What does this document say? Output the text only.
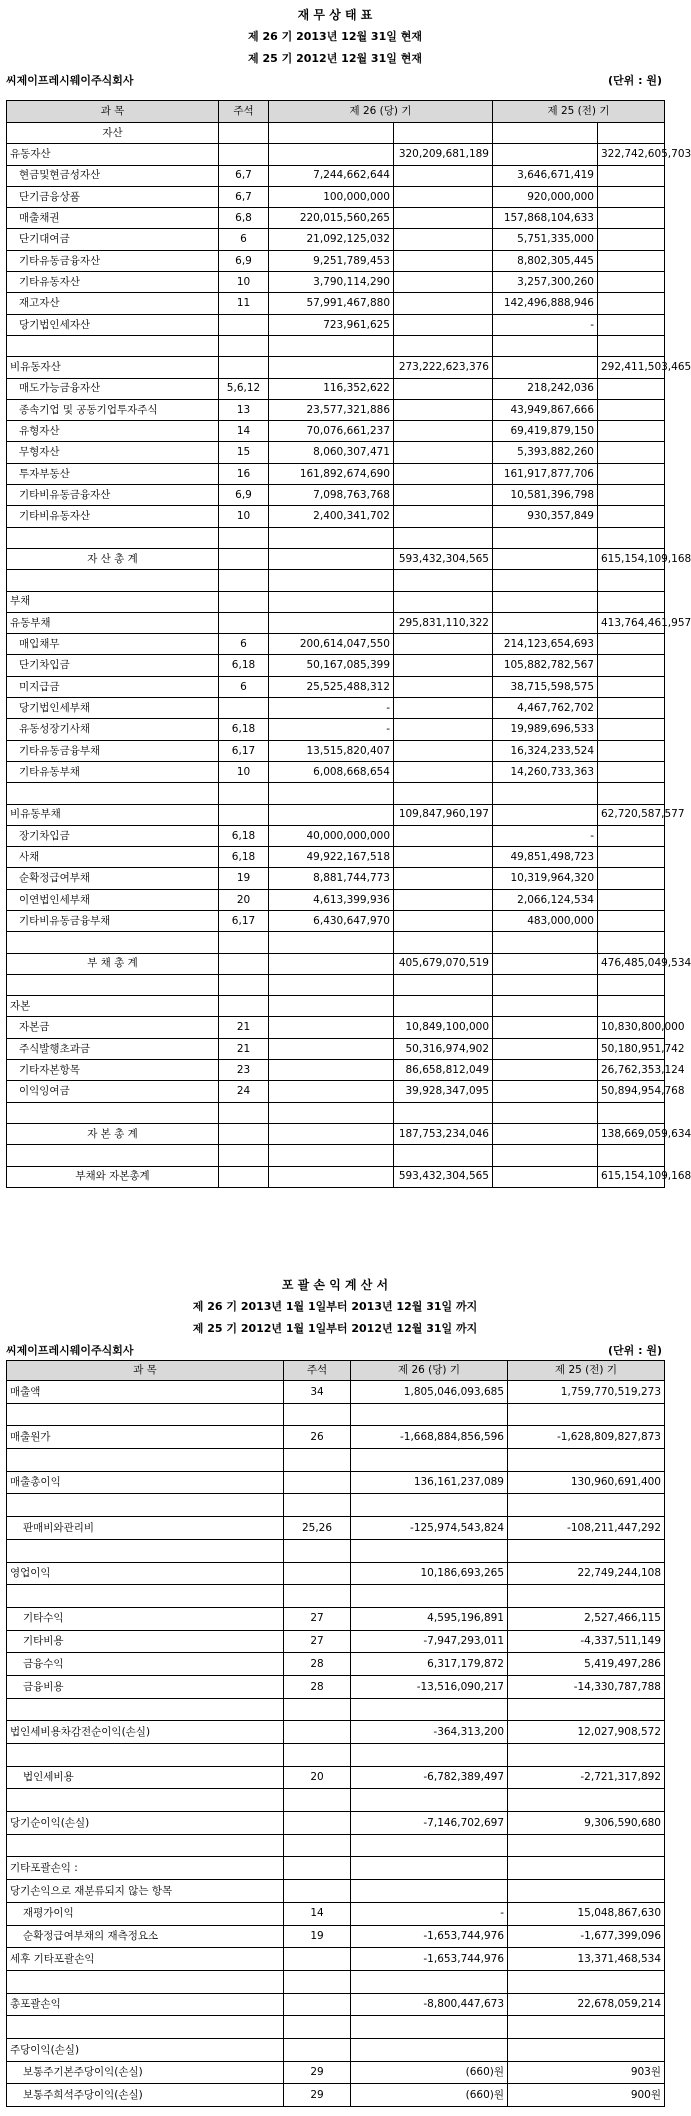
재 무 상 태 표
제 26 기 2013년 12월 31일 현재
제 25 기 2012년 12월 31일 현재
씨제이프레시웨이주식회사	(단위 : 원)
과 목	주석	제 26 (당) 기		제 25 (전) 기	
자산					
유동자산			320,209,681,189		322,742,605,703
현금및현금성자산	6,7	7,244,662,644		3,646,671,419	
단기금융상품	6,7	100,000,000		920,000,000	
매출채권	6,8	220,015,560,265		157,868,104,633	
단기대여금	6	21,092,125,032		5,751,335,000	
기타유동금융자산	6,9	9,251,789,453		8,802,305,445	
기타유동자산	10	3,790,114,290		3,257,300,260	
재고자산	11	57,991,467,880		142,496,888,946	
당기법인세자산		723,961,625		-	

비유동자산			273,222,623,376		292,411,503,465
매도가능금융자산	5,6,12	116,352,622		218,242,036	
종속기업 및 공동기업투자주식	13	23,577,321,886		43,949,867,666	
유형자산	14	70,076,661,237		69,419,879,150	
무형자산	15	8,060,307,471		5,393,882,260	
투자부동산	16	161,892,674,690		161,917,877,706	
기타비유동금융자산	6,9	7,098,763,768		10,581,396,798	
기타비유동자산	10	2,400,341,702		930,357,849	

자 산 총 계			593,432,304,565		615,154,109,168

부채					
유동부채			295,831,110,322		413,764,461,957
매입채무	6	200,614,047,550		214,123,654,693	
단기차입금	6,18	50,167,085,399		105,882,782,567	
미지급금	6	25,525,488,312		38,715,598,575	
당기법인세부채		-		4,467,762,702	
유동성장기사채	6,18	-		19,989,696,533	
기타유동금융부채	6,17	13,515,820,407		16,324,233,524	
기타유동부채	10	6,008,668,654		14,260,733,363	

비유동부채			109,847,960,197		62,720,587,577
장기차입금	6,18	40,000,000,000		-	
사채	6,18	49,922,167,518		49,851,498,723	
순확정급여부채	19	8,881,744,773		10,319,964,320	
이연법인세부채	20	4,613,399,936		2,066,124,534	
기타비유동금융부채	6,17	6,430,647,970		483,000,000	

부 채 총 계			405,679,070,519		476,485,049,534

자본					
자본금	21		10,849,100,000		10,830,800,000
주식발행초과금	21		50,316,974,902		50,180,951,742
기타자본항목	23		86,658,812,049		26,762,353,124
이익잉여금	24		39,928,347,095		50,894,954,768

자 본 총 계			187,753,234,046		138,669,059,634

부채와 자본총계			593,432,304,565		615,154,109,168
포 괄 손 익 계 산 서
제 26 기 2013년 1월 1일부터 2013년 12월 31일 까지
제 25 기 2012년 1월 1일부터 2012년 12월 31일 까지
씨제이프레시웨이주식회사	(단위 : 원)
과 목	주석	제 26 (당) 기	제 25 (전) 기
매출액	34	1,805,046,093,685	1,759,770,519,273

매출원가	26	-1,668,884,856,596	-1,628,809,827,873

매출총이익		136,161,237,089	130,960,691,400

판매비와관리비	25,26	-125,974,543,824	-108,211,447,292

영업이익		10,186,693,265	22,749,244,108

기타수익	27	4,595,196,891	2,527,466,115
기타비용	27	-7,947,293,011	-4,337,511,149
금융수익	28	6,317,179,872	5,419,497,286
금융비용	28	-13,516,090,217	-14,330,787,788

법인세비용차감전순이익(손실)		-364,313,200	12,027,908,572

법인세비용	20	-6,782,389,497	-2,721,317,892

당기순이익(손실)		-7,146,702,697	9,306,590,680

기타포괄손익 :			
당기손익으로 재분류되지 않는 항목			
재평가이익	14	-	15,048,867,630
순확정급여부채의 재측정요소	19	-1,653,744,976	-1,677,399,096
세후 기타포괄손익		-1,653,744,976	13,371,468,534

총포괄손익		-8,800,447,673	22,678,059,214

주당이익(손실)			
보통주기본주당이익(손실)	29	(660)원	903원
보통주희석주당이익(손실)	29	(660)원	900원
